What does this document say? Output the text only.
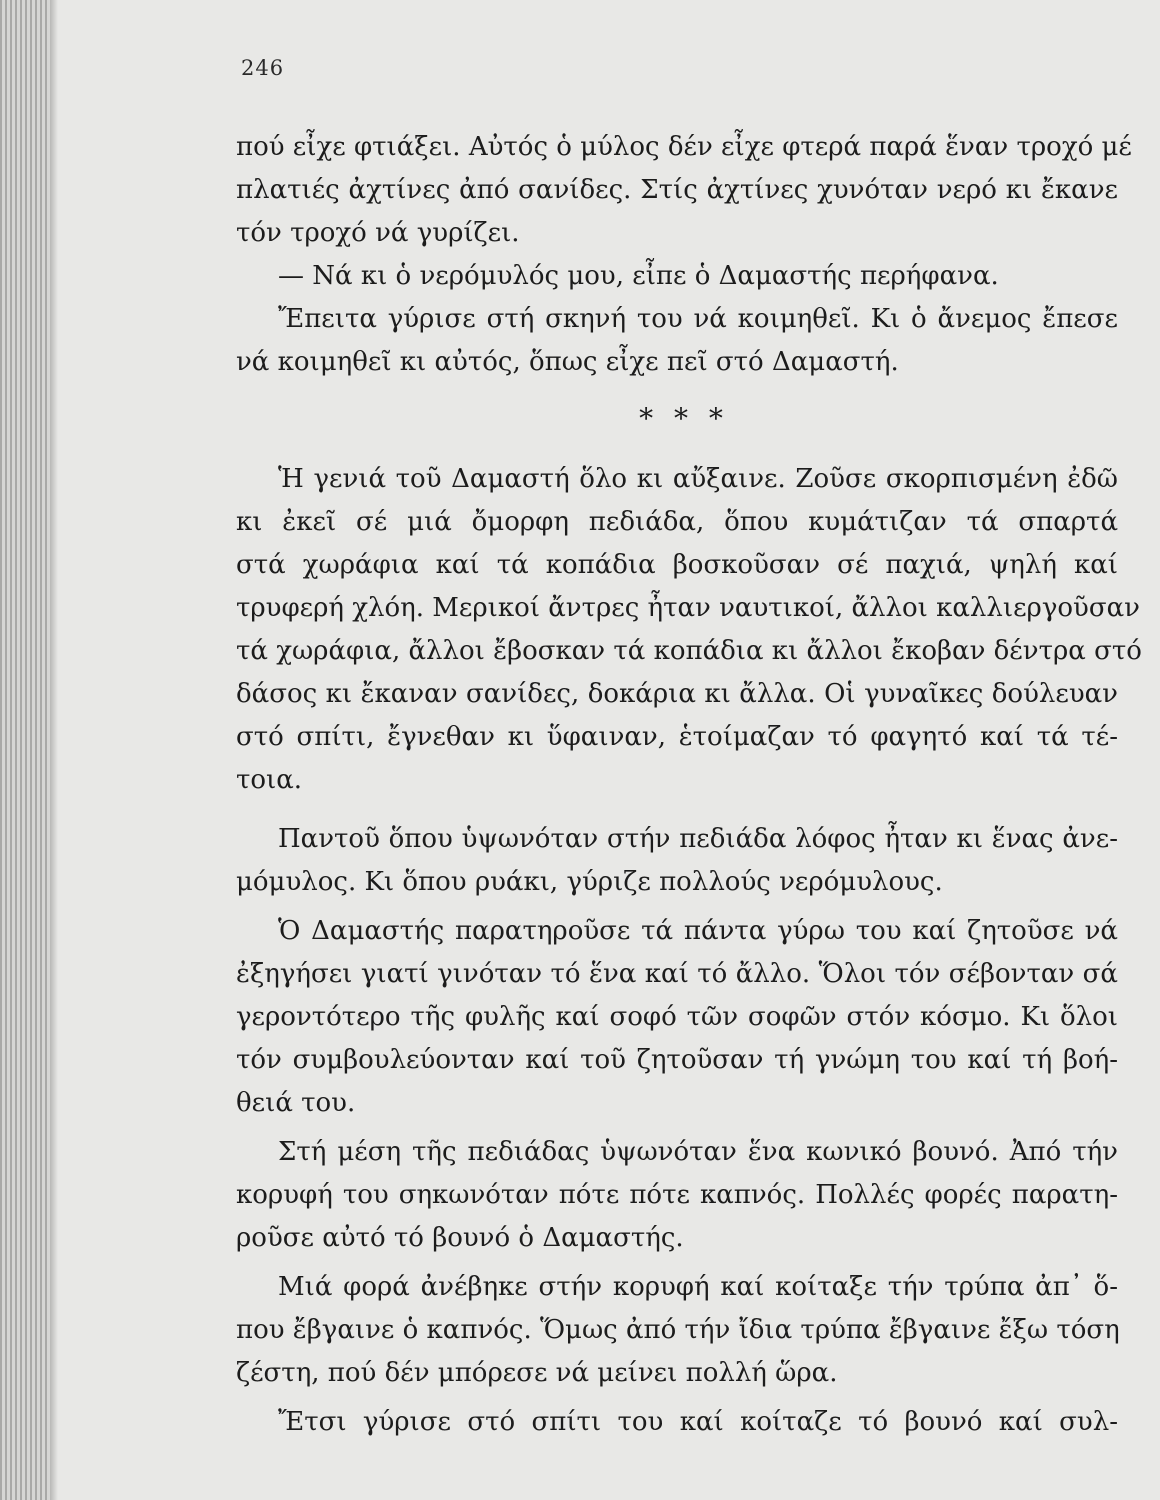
246
πού εἶχε φτιάξει. Αὐτός ὁ μύλος δέν εἶχε φτερά παρά ἕναν τροχό μέ
πλατιές ἀχτίνες ἀπό σανίδες. Στίς ἀχτίνες χυνόταν νερό κι ἔκανε
τόν τροχό νά γυρίζει.
— Νά κι ὁ νερόμυλός μου, εἶπε ὁ Δαμαστής περήφανα.
Ἔπειτα γύρισε στή σκηνή του νά κοιμηθεῖ. Κι ὁ ἄνεμος ἔπεσε
νά κοιμηθεῖ κι αὐτός, ὅπως εἶχε πεῖ στό Δαμαστή.
* * *
Ἡ γενιά τοῦ Δαμαστή ὅλο κι αὔξαινε. Ζοῦσε σκορπισμένη ἐδῶ
κι ἐκεῖ σέ μιά ὄμορφη πεδιάδα, ὅπου κυμάτιζαν τά σπαρτά
στά χωράφια καί τά κοπάδια βοσκοῦσαν σέ παχιά, ψηλή καί
τρυφερή χλόη. Μερικοί ἄντρες ἦταν ναυτικοί, ἄλλοι καλλιεργοῦσαν
τά χωράφια, ἄλλοι ἔβοσκαν τά κοπάδια κι ἄλλοι ἔκοβαν δέντρα στό
δάσος κι ἔκαναν σανίδες, δοκάρια κι ἄλλα. Οἱ γυναῖκες δούλευαν
στό σπίτι, ἔγνεθαν κι ὕφαιναν, ἑτοίμαζαν τό φαγητό καί τά τέ-
τοια.
Παντοῦ ὅπου ὑψωνόταν στήν πεδιάδα λόφος ἦταν κι ἕνας ἀνε-
μόμυλος. Κι ὅπου ρυάκι, γύριζε πολλούς νερόμυλους.
Ὁ Δαμαστής παρατηροῦσε τά πάντα γύρω του καί ζητοῦσε νά
ἐξηγήσει γιατί γινόταν τό ἕνα καί τό ἄλλο. Ὅλοι τόν σέβονταν σά
γεροντότερο τῆς φυλῆς καί σοφό τῶν σοφῶν στόν κόσμο. Κι ὅλοι
τόν συμβουλεύονταν καί τοῦ ζητοῦσαν τή γνώμη του καί τή βοή-
θειά του.
Στή μέση τῆς πεδιάδας ὑψωνόταν ἕνα κωνικό βουνό. Ἀπό τήν
κορυφή του σηκωνόταν πότε πότε καπνός. Πολλές φορές παρατη-
ροῦσε αὐτό τό βουνό ὁ Δαμαστής.
Μιά φορά ἀνέβηκε στήν κορυφή καί κοίταξε τήν τρύπα ἀπ᾽ ὅ-
που ἔβγαινε ὁ καπνός. Ὅμως ἀπό τήν ἴδια τρύπα ἔβγαινε ἔξω τόση
ζέστη, πού δέν μπόρεσε νά μείνει πολλή ὥρα.
Ἔτσι γύρισε στό σπίτι του καί κοίταζε τό βουνό καί συλ-
